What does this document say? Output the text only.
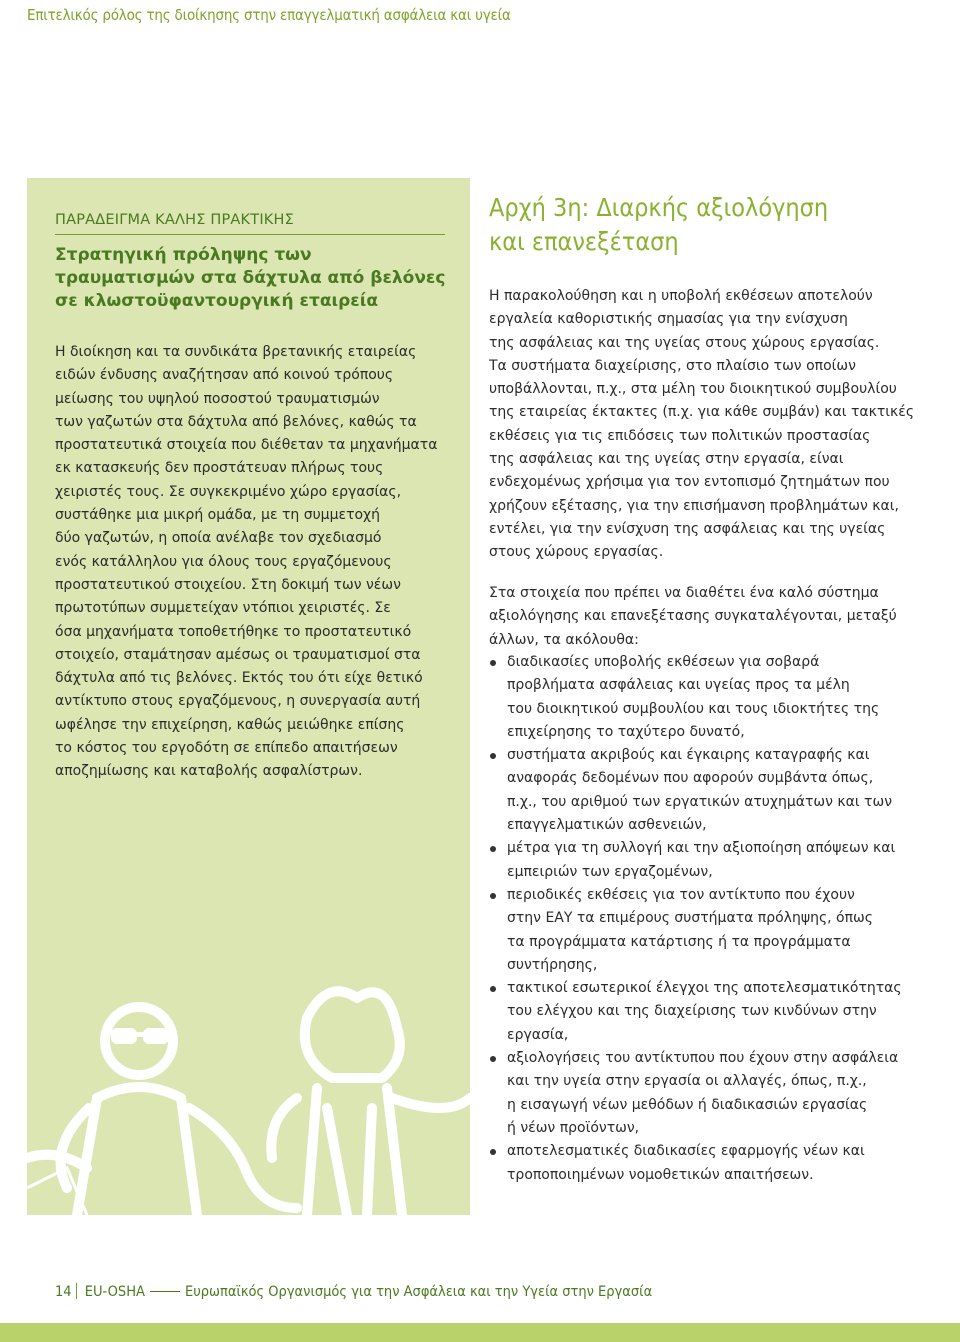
Επιτελικός ρόλος της διοίκησης στην επαγγελματική ασφάλεια και υγεία
ΠΑΡΑΔΕΙΓΜΑ ΚΑΛΗΣ ΠΡΑΚΤΙΚΗΣ
Στρατηγική πρόληψης των
τραυματισμών στα δάχτυλα από βελόνες
σε κλωστοϋφαντουργική εταιρεία
Η διοίκηση και τα συνδικάτα βρετανικής εταιρείας
ειδών ένδυσης αναζήτησαν από κοινού τρόπους
μείωσης του υψηλού ποσοστού τραυματισμών
των γαζωτών στα δάχτυλα από βελόνες, καθώς τα
προστατευτικά στοιχεία που διέθεταν τα μηχανήματα
εκ κατασκευής δεν προστάτευαν πλήρως τους
χειριστές τους. Σε συγκεκριμένο χώρο εργασίας,
συστάθηκε μια μικρή ομάδα, με τη συμμετοχή
δύο γαζωτών, η οποία ανέλαβε τον σχεδιασμό
ενός κατάλληλου για όλους τους εργαζόμενους
προστατευτικού στοιχείου. Στη δοκιμή των νέων
πρωτοτύπων συμμετείχαν ντόπιοι χειριστές. Σε
όσα μηχανήματα τοποθετήθηκε το προστατευτικό
στοιχείο, σταμάτησαν αμέσως οι τραυματισμοί στα
δάχτυλα από τις βελόνες. Εκτός του ότι είχε θετικό
αντίκτυπο στους εργαζόμενους, η συνεργασία αυτή
ωφέλησε την επιχείρηση, καθώς μειώθηκε επίσης
το κόστος του εργοδότη σε επίπεδο απαιτήσεων
αποζημίωσης και καταβολής ασφαλίστρων.
Αρχή 3η: Διαρκής αξιολόγηση
και επανεξέταση
Η παρακολούθηση και η υποβολή εκθέσεων αποτελούν
εργαλεία καθοριστικής σημασίας για την ενίσχυση
της ασφάλειας και της υγείας στους χώρους εργασίας.
Τα συστήματα διαχείρισης, στο πλαίσιο των οποίων
υποβάλλονται, π.χ., στα μέλη του διοικητικού συμβουλίου
της εταιρείας έκτακτες (π.χ. για κάθε συμβάν) και τακτικές
εκθέσεις για τις επιδόσεις των πολιτικών προστασίας
της ασφάλειας και της υγείας στην εργασία, είναι
ενδεχομένως χρήσιμα για τον εντοπισμό ζητημάτων που
χρήζουν εξέτασης, για την επισήμανση προβλημάτων και,
εντέλει, για την ενίσχυση της ασφάλειας και της υγείας
στους χώρους εργασίας.
Στα στοιχεία που πρέπει να διαθέτει ένα καλό σύστημα
αξιολόγησης και επανεξέτασης συγκαταλέγονται, μεταξύ
άλλων, τα ακόλουθα:
διαδικασίες υποβολής εκθέσεων για σοβαρά
προβλήματα ασφάλειας και υγείας προς τα μέλη
του διοικητικού συμβουλίου και τους ιδιοκτήτες της
επιχείρησης το ταχύτερο δυνατό,
συστήματα ακριβούς και έγκαιρης καταγραφής και
αναφοράς δεδομένων που αφορούν συμβάντα όπως,
π.χ., του αριθμού των εργατικών ατυχημάτων και των
επαγγελματικών ασθενειών,
μέτρα για τη συλλογή και την αξιοποίηση απόψεων και
εμπειριών των εργαζομένων,
περιοδικές εκθέσεις για τον αντίκτυπο που έχουν
στην ΕΑΥ τα επιμέρους συστήματα πρόληψης, όπως
τα προγράμματα κατάρτισης ή τα προγράμματα
συντήρησης,
τακτικοί εσωτερικοί έλεγχοι της αποτελεσματικότητας
του ελέγχου και της διαχείρισης των κινδύνων στην
εργασία,
αξιολογήσεις του αντίκτυπου που έχουν στην ασφάλεια
και την υγεία στην εργασία οι αλλαγές, όπως, π.χ.,
η εισαγωγή νέων μεθόδων ή διαδικασιών εργασίας
ή νέων προϊόντων,
αποτελεσματικές διαδικασίες εφαρμογής νέων και
τροποποιημένων νομοθετικών απαιτήσεων.
14 EU-OSHA	Ευρωπαϊκός Οργανισμός για την Ασφάλεια και την Υγεία στην Εργασία
